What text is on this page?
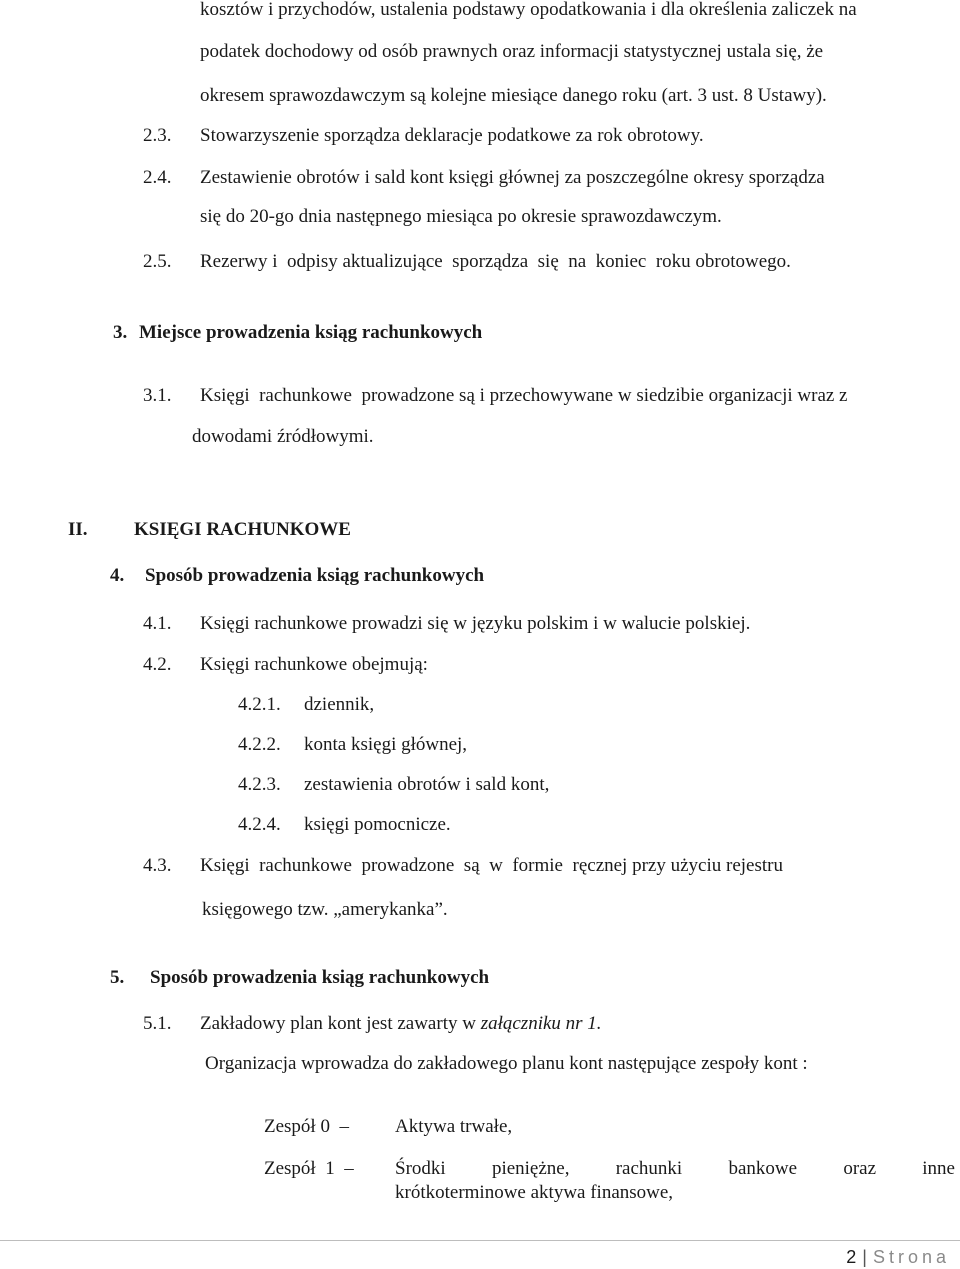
kosztów i przychodów, ustalenia podstawy opodatkowania i dla określenia zaliczek na
podatek dochodowy od osób prawnych oraz informacji statystycznej ustala się, że
okresem sprawozdawczym są kolejne miesiące danego roku (art. 3 ust. 8 Ustawy).
2.3. Stowarzyszenie sporządza deklaracje podatkowe za rok obrotowy.
2.4. Zestawienie obrotów i sald kont księgi głównej za poszczególne okresy sporządza
się do 20-go dnia następnego miesiąca po okresie sprawozdawczym.
2.5. Rezerwy i  odpisy aktualizujące  sporządza  się  na  koniec  roku obrotowego.
3. Miejsce prowadzenia ksiąg rachunkowych
3.1. Księgi  rachunkowe  prowadzone są i przechowywane w siedzibie organizacji wraz z
dowodami źródłowymi.
II. KSIĘGI RACHUNKOWE
4. Sposób prowadzenia ksiąg rachunkowych
4.1. Księgi rachunkowe prowadzi się w języku polskim i w walucie polskiej.
4.2. Księgi rachunkowe obejmują:
4.2.1. dziennik,
4.2.2. konta księgi głównej,
4.2.3. zestawienia obrotów i sald kont,
4.2.4. księgi pomocnicze.
4.3. Księgi  rachunkowe  prowadzone  są  w  formie  ręcznej przy użyciu rejestru
księgowego tzw. „amerykanka”.
5. Sposób prowadzenia ksiąg rachunkowych
5.1. Zakładowy plan kont jest zawarty w załączniku nr 1.
Organizacja wprowadza do zakładowego planu kont następujące zespoły kont :
Zespół 0  – Aktywa trwałe,
Zespół  1  – Środki pieniężne, rachunki bankowe oraz inne
krótkoterminowe aktywa finansowe,
2 | Strona
